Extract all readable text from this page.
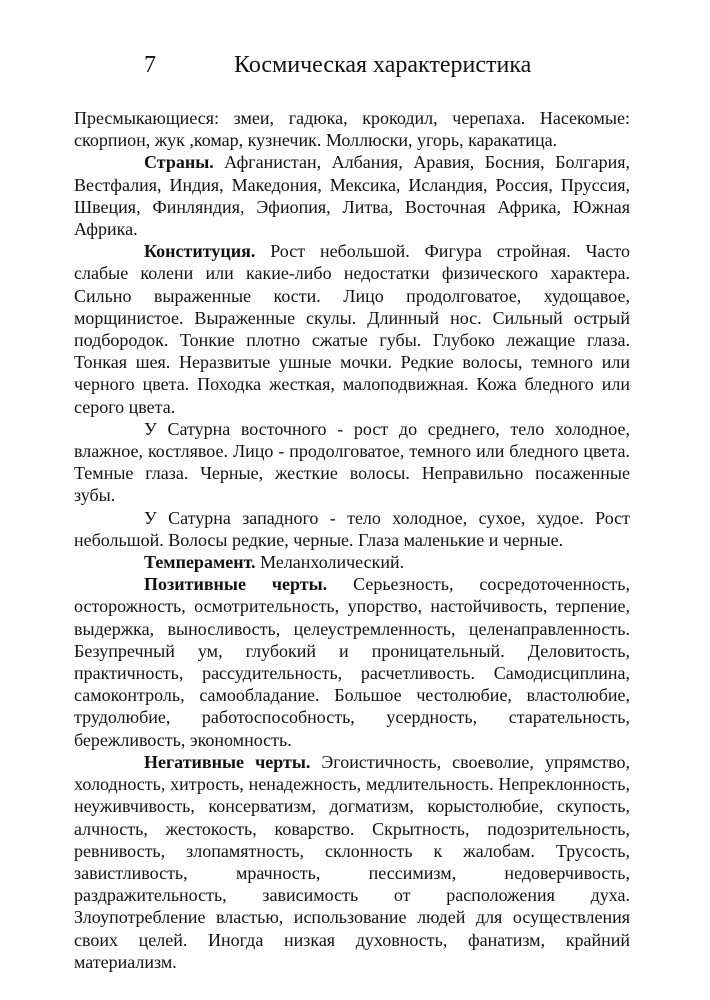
7	Космическая характеристика

Пресмыкающиеся: змеи, гадюка, крокодил, черепаха. Насекомые: скорпион, жук ,комар, кузнечик. Моллюски, угорь, каракатица.

Страны. Афганистан, Албания, Аравия, Босния, Болгария, Вестфалия, Индия, Македония, Мексика, Исландия, Россия, Пруссия, Швеция, Финляндия, Эфиопия, Литва, Восточная Африка, Южная Африка.

Конституция. Рост небольшой. Фигура стройная. Часто слабые колени или какие-либо недостатки физического характера. Сильно выраженные кости. Лицо продолговатое, худощавое, морщинистое. Выраженные скулы. Длинный нос. Сильный острый подбородок. Тонкие плотно сжатые губы. Глубоко лежащие глаза. Тонкая шея. Неразвитые ушные мочки. Редкие волосы, темного или черного цвета. Походка жесткая, малоподвижная. Кожа бледного или серого цвета.

У Сатурна восточного - рост до среднего, тело холодное, влажное, костлявое. Лицо - продолговатое, темного или бледного цвета. Темные глаза. Черные, жесткие волосы. Неправильно посаженные зубы.

У Сатурна западного - тело холодное, сухое, худое. Рост небольшой. Волосы редкие, черные. Глаза маленькие и черные.

Темперамент. Меланхолический.

Позитивные черты. Серьезность, сосредоточенность, осторожность, осмотрительность, упорство, настойчивость, терпение, выдержка, выносливость, целеустремленность, целенаправленность. Безупречный ум, глубокий и проницательный. Деловитость, практичность, рассудительность, расчетливость. Самодисциплина, самоконтроль, самообладание. Большое честолюбие, властолюбие, трудолюбие, работоспособность, усердность, старательность, бережливость, экономность.

Негативные черты. Эгоистичность, своеволие, упрямство, холодность, хитрость, ненадежность, медлительность. Непреклонность, неуживчивость, консерватизм, догматизм, корыстолюбие, скупость, алчность, жестокость, коварство. Скрытность, подозрительность, ревнивость, злопамятность, склонность к жалобам. Трусость, завистливость, мрачность, пессимизм, недоверчивость, раздражительность, зависимость от расположения духа. Злоупотребление властью, использование людей для осуществления своих целей. Иногда низкая духовность, фанатизм, крайний материализм.
